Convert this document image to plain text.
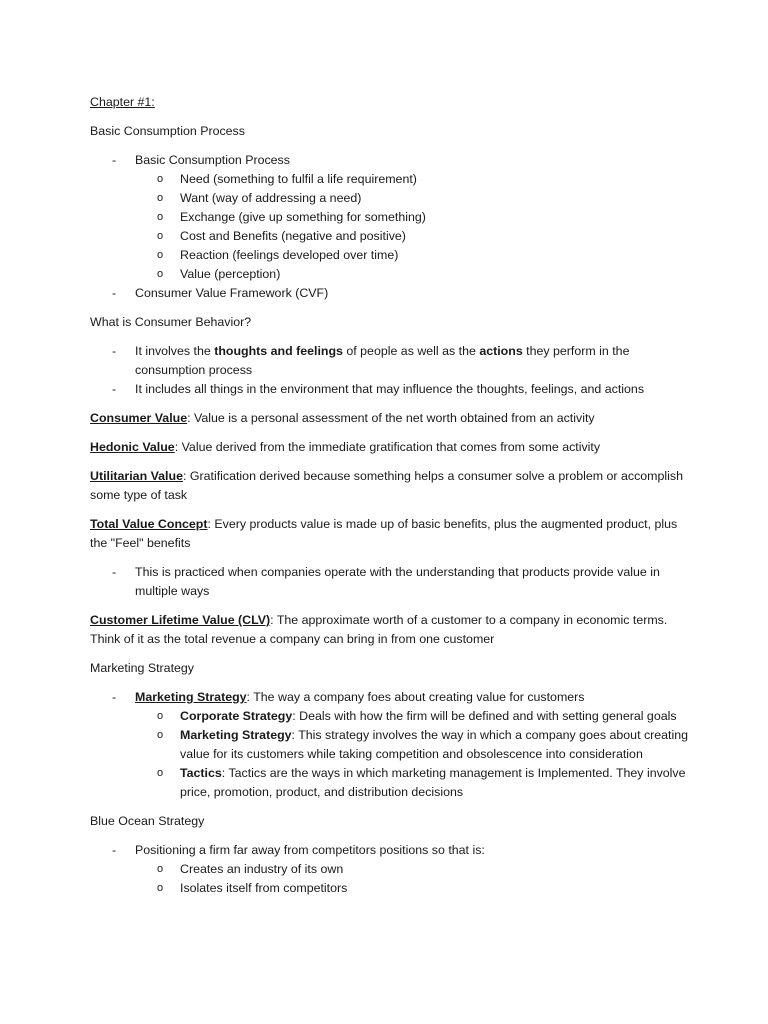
Chapter #1:

Basic Consumption Process

- Basic Consumption Process
o Need (something to fulfil a life requirement)
o Want (way of addressing a need)
o Exchange (give up something for something)
o Cost and Benefits (negative and positive)
o Reaction (feelings developed over time)
o Value (perception)
- Consumer Value Framework (CVF)

What is Consumer Behavior?

- It involves the thoughts and feelings of people as well as the actions they perform in the consumption process
- It includes all things in the environment that may influence the thoughts, feelings, and actions

Consumer Value: Value is a personal assessment of the net worth obtained from an activity

Hedonic Value: Value derived from the immediate gratification that comes from some activity

Utilitarian Value: Gratification derived because something helps a consumer solve a problem or accomplish some type of task

Total Value Concept: Every products value is made up of basic benefits, plus the augmented product, plus the "Feel" benefits

- This is practiced when companies operate with the understanding that products provide value in multiple ways

Customer Lifetime Value (CLV): The approximate worth of a customer to a company in economic terms. Think of it as the total revenue a company can bring in from one customer

Marketing Strategy

- Marketing Strategy: The way a company foes about creating value for customers
o Corporate Strategy: Deals with how the firm will be defined and with setting general goals
o Marketing Strategy: This strategy involves the way in which a company goes about creating value for its customers while taking competition and obsolescence into consideration
o Tactics: Tactics are the ways in which marketing management is Implemented. They involve price, promotion, product, and distribution decisions

Blue Ocean Strategy

- Positioning a firm far away from competitors positions so that is:
o Creates an industry of its own
o Isolates itself from competitors
